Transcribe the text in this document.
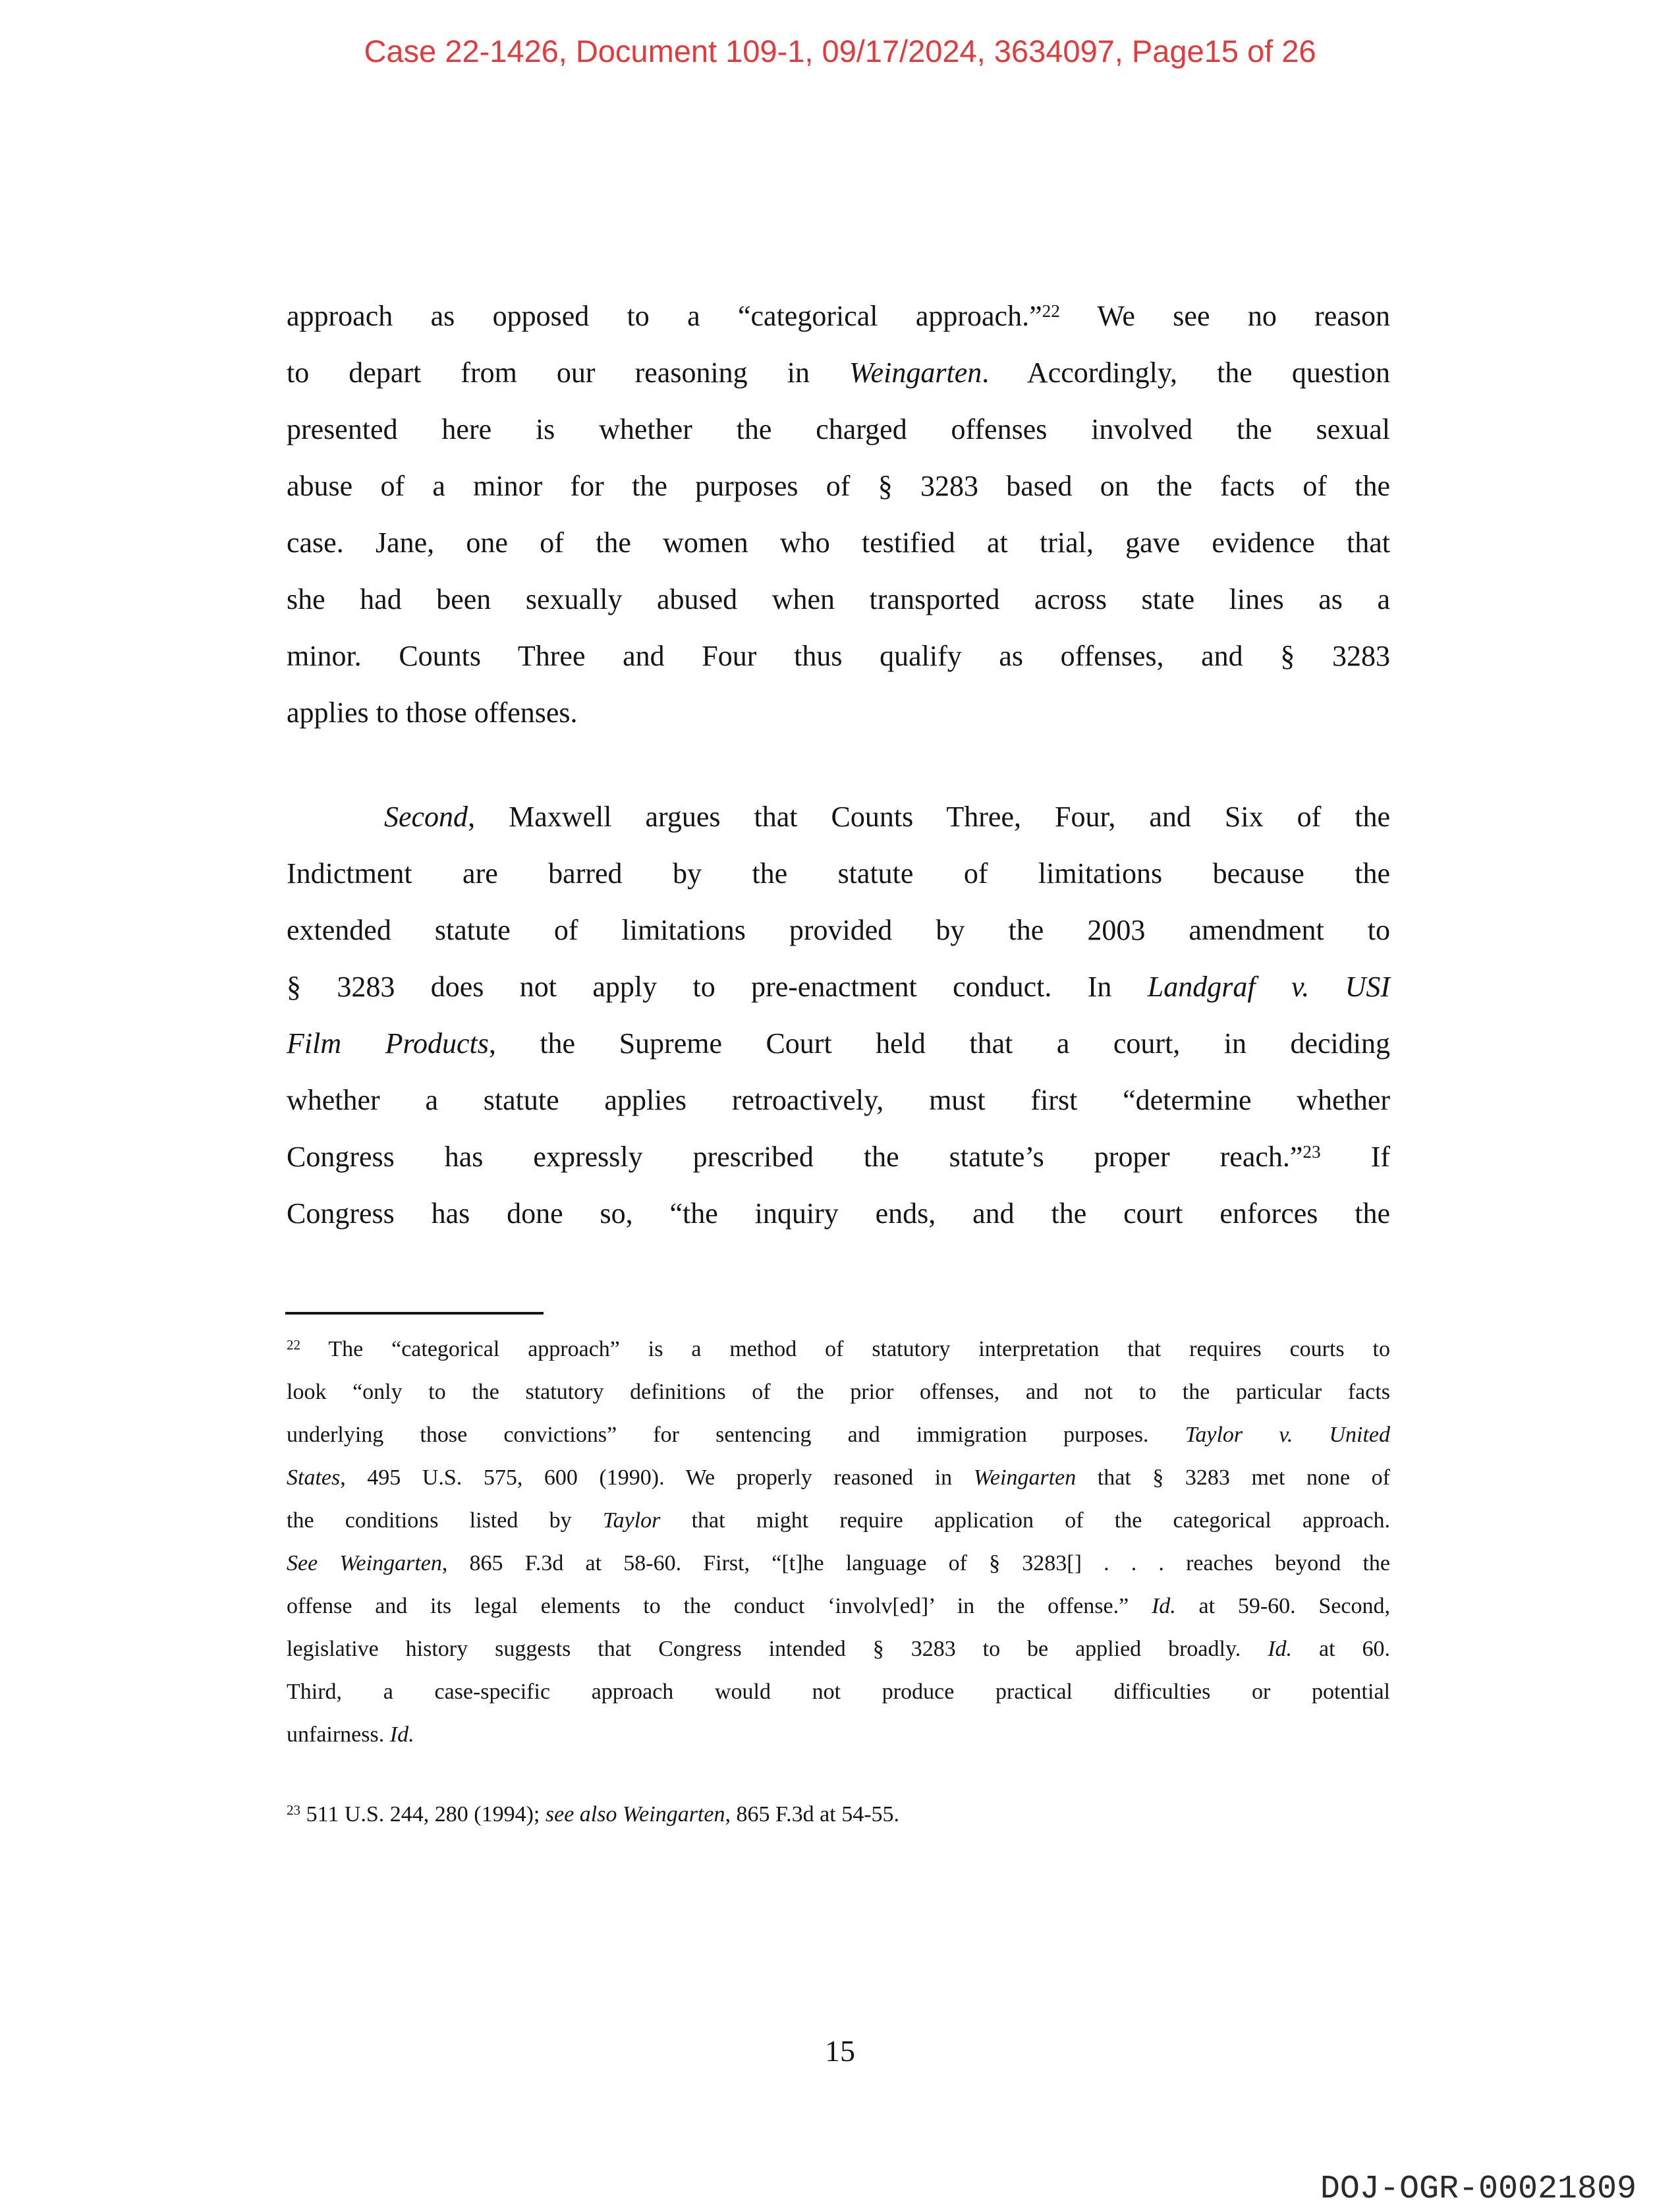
Case 22-1426, Document 109-1, 09/17/2024, 3634097, Page15 of 26
approach as opposed to a “categorical approach.”$^{22}$ We see no reason
to depart from our reasoning in Weingarten. Accordingly, the question
presented here is whether the charged offenses involved the sexual
abuse of a minor for the purposes of § 3283 based on the facts of the
case. Jane, one of the women who testified at trial, gave evidence that
she had been sexually abused when transported across state lines as a
minor. Counts Three and Four thus qualify as offenses, and § 3283
applies to those offenses.
Second, Maxwell argues that Counts Three, Four, and Six of the
Indictment are barred by the statute of limitations because the
extended statute of limitations provided by the 2003 amendment to
§ 3283 does not apply to pre-enactment conduct. In Landgraf v. USI
Film Products, the Supreme Court held that a court, in deciding
whether a statute applies retroactively, must first “determine whether
Congress has expressly prescribed the statute’s proper reach.”$^{23}$ If
Congress has done so, “the inquiry ends, and the court enforces the
$^{22}$ The “categorical approach” is a method of statutory interpretation that requires courts to
look “only to the statutory definitions of the prior offenses, and not to the particular facts
underlying those convictions” for sentencing and immigration purposes. Taylor v. United
States, 495 U.S. 575, 600 (1990). We properly reasoned in Weingarten that § 3283 met none of
the conditions listed by Taylor that might require application of the categorical approach.
See Weingarten, 865 F.3d at 58-60. First, “[t]he language of § 3283[] . . . reaches beyond the
offense and its legal elements to the conduct ‘involv[ed]’ in the offense.” Id. at 59-60. Second,
legislative history suggests that Congress intended § 3283 to be applied broadly. Id. at 60.
Third, a case-specific approach would not produce practical difficulties or potential
unfairness. Id.
$^{23}$ 511 U.S. 244, 280 (1994); see also Weingarten, 865 F.3d at 54-55.
15
DOJ-OGR-00021809
